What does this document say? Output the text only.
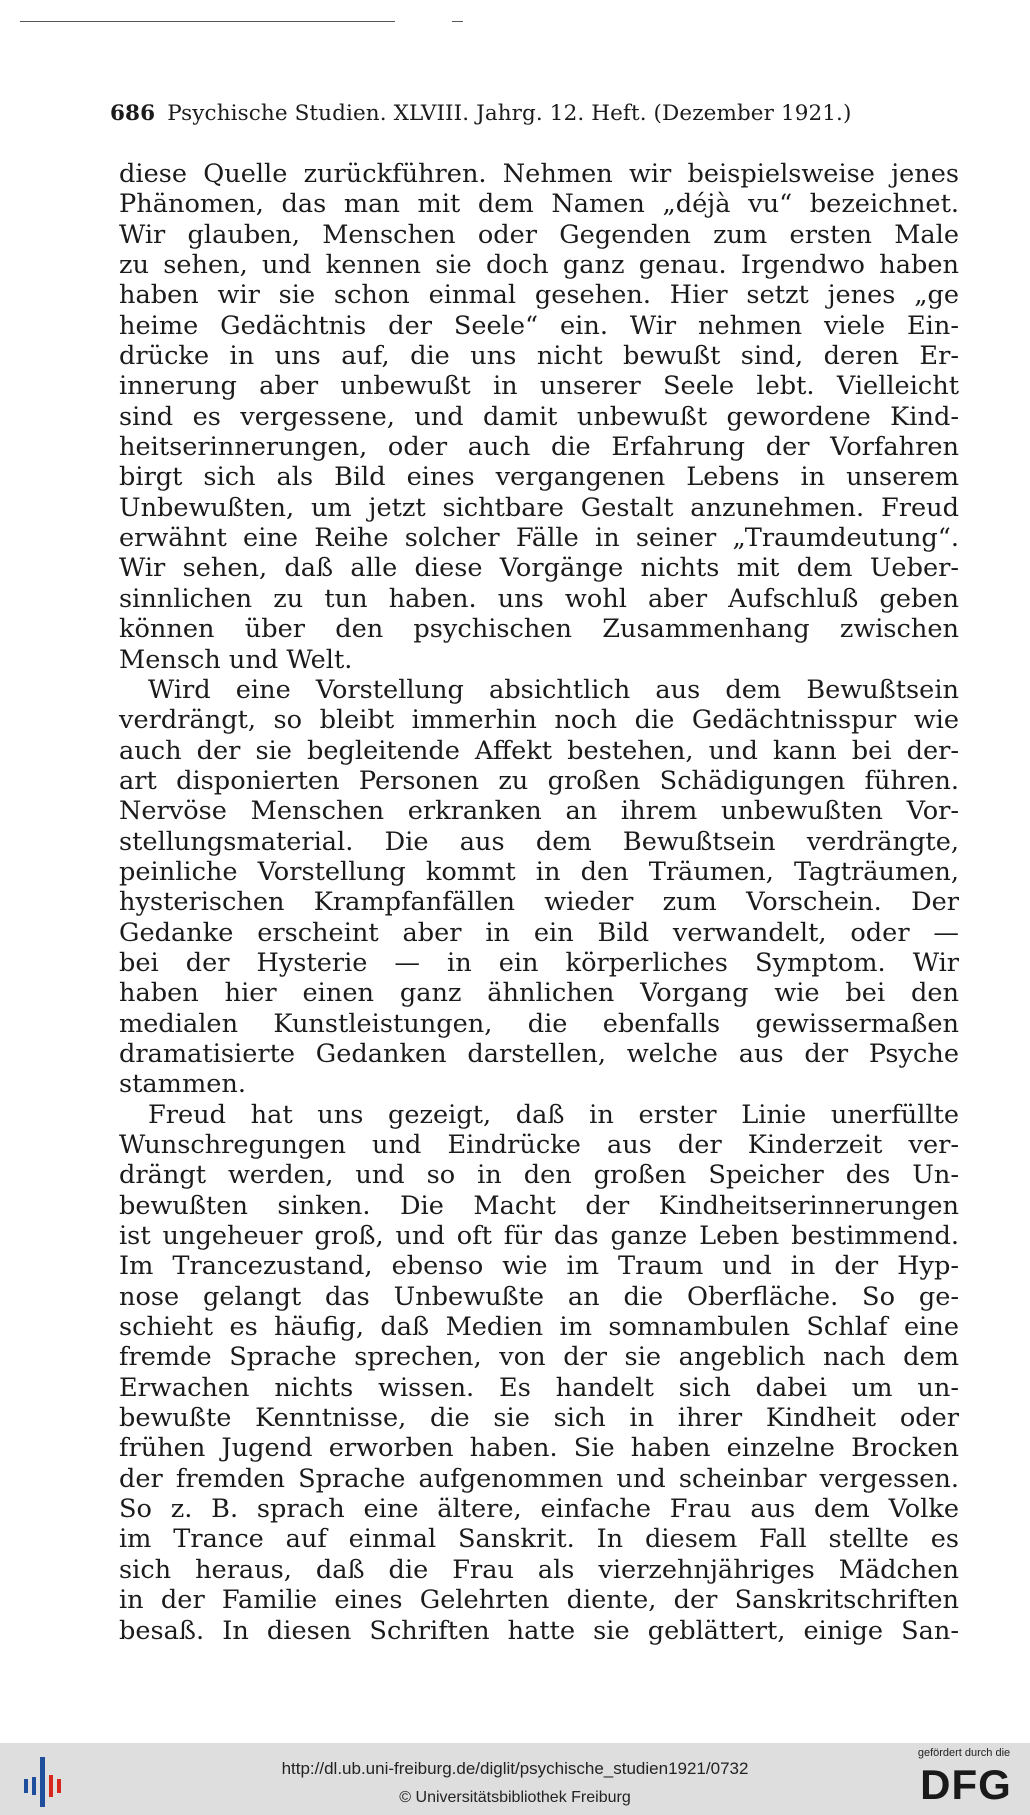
686 Psychische Studien. XLVIII. Jahrg. 12. Heft. (Dezember 1921.)
diese Quelle zurückführen. Nehmen wir beispielsweise jenes
Phänomen, das man mit dem Namen „déjà vu“ bezeichnet.
Wir glauben, Menschen oder Gegenden zum ersten Male
zu sehen, und kennen sie doch ganz genau. Irgendwo haben
haben wir sie schon einmal gesehen. Hier setzt jenes „ge
heime Gedächtnis der Seele“ ein. Wir nehmen viele Ein-
drücke in uns auf, die uns nicht bewußt sind, deren Er-
innerung aber unbewußt in unserer Seele lebt. Vielleicht
sind es vergessene, und damit unbewußt gewordene Kind-
heitserinnerungen, oder auch die Erfahrung der Vorfahren
birgt sich als Bild eines vergangenen Lebens in unserem
Unbewußten, um jetzt sichtbare Gestalt anzunehmen. Freud
erwähnt eine Reihe solcher Fälle in seiner „Traumdeutung“.
Wir sehen, daß alle diese Vorgänge nichts mit dem Ueber-
sinnlichen zu tun haben. uns wohl aber Aufschluß geben
können über den psychischen Zusammenhang zwischen
Mensch und Welt.
Wird eine Vorstellung absichtlich aus dem Bewußtsein
verdrängt, so bleibt immerhin noch die Gedächtnisspur wie
auch der sie begleitende Affekt bestehen, und kann bei der-
art disponierten Personen zu großen Schädigungen führen.
Nervöse Menschen erkranken an ihrem unbewußten Vor-
stellungsmaterial. Die aus dem Bewußtsein verdrängte,
peinliche Vorstellung kommt in den Träumen, Tagträumen,
hysterischen Krampfanfällen wieder zum Vorschein. Der
Gedanke erscheint aber in ein Bild verwandelt, oder —
bei der Hysterie — in ein körperliches Symptom. Wir
haben hier einen ganz ähnlichen Vorgang wie bei den
medialen Kunstleistungen, die ebenfalls gewissermaßen
dramatisierte Gedanken darstellen, welche aus der Psyche
stammen.
Freud hat uns gezeigt, daß in erster Linie unerfüllte
Wunschregungen und Eindrücke aus der Kinderzeit ver-
drängt werden, und so in den großen Speicher des Un-
bewußten sinken. Die Macht der Kindheitserinnerungen
ist ungeheuer groß, und oft für das ganze Leben bestimmend.
Im Trancezustand, ebenso wie im Traum und in der Hyp-
nose gelangt das Unbewußte an die Oberfläche. So ge-
schieht es häufig, daß Medien im somnambulen Schlaf eine
fremde Sprache sprechen, von der sie angeblich nach dem
Erwachen nichts wissen. Es handelt sich dabei um un-
bewußte Kenntnisse, die sie sich in ihrer Kindheit oder
frühen Jugend erworben haben. Sie haben einzelne Brocken
der fremden Sprache aufgenommen und scheinbar vergessen.
So z. B. sprach eine ältere, einfache Frau aus dem Volke
im Trance auf einmal Sanskrit. In diesem Fall stellte es
sich heraus, daß die Frau als vierzehnjähriges Mädchen
in der Familie eines Gelehrten diente, der Sanskritschriften
besaß. In diesen Schriften hatte sie geblättert, einige San-
http://dl.ub.uni-freiburg.de/diglit/psychische_studien1921/0732
© Universitätsbibliothek Freiburg
gefördert durch die
DFG
